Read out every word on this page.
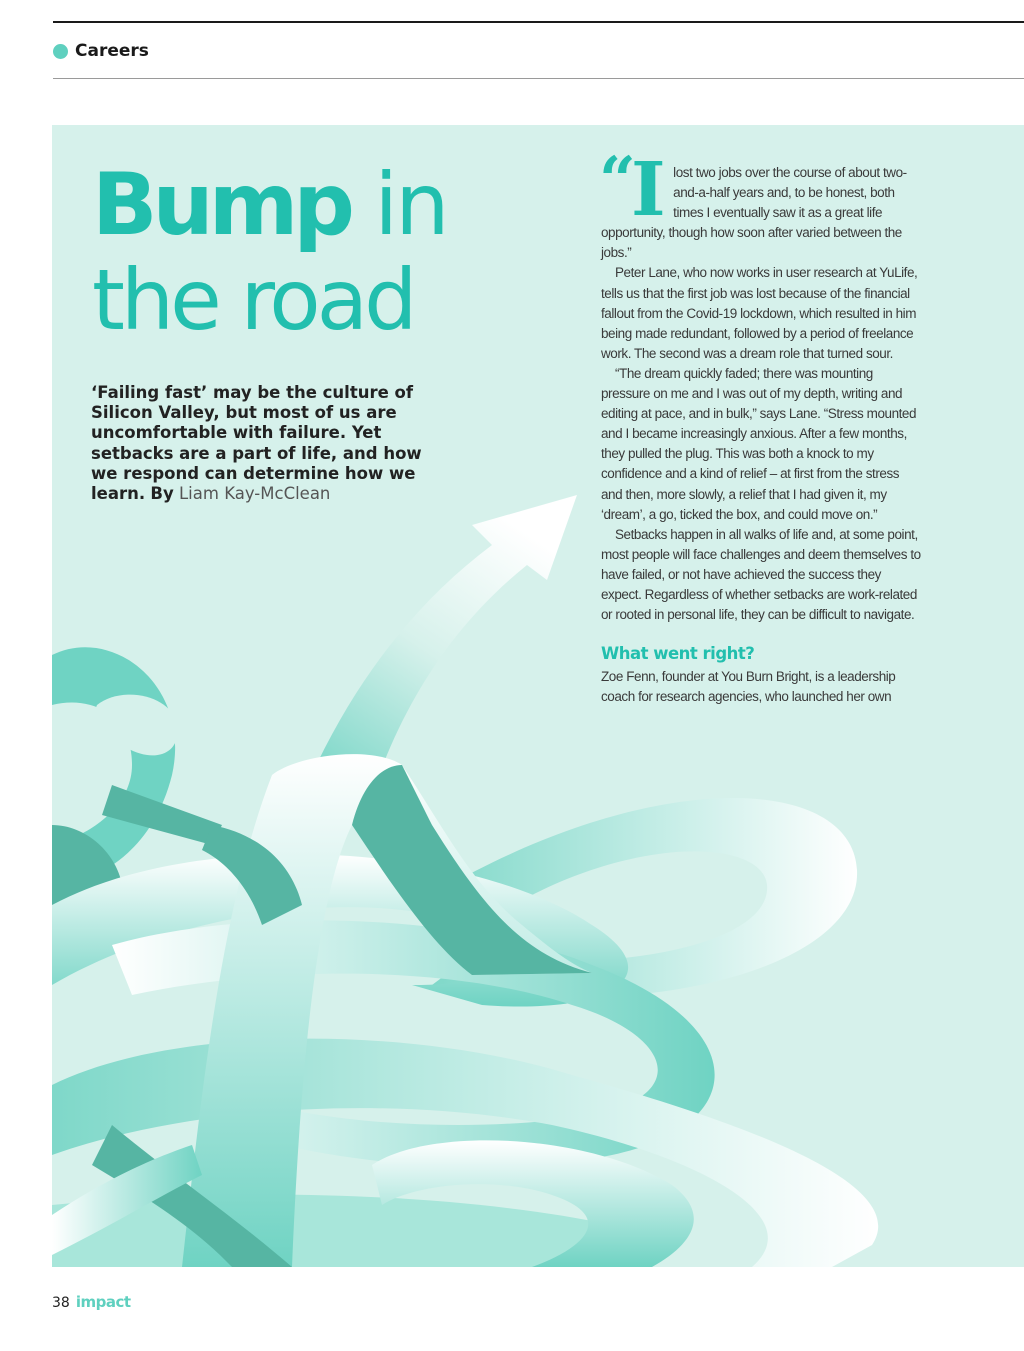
Careers
Bump in
the road
‘Failing fast’ may be the culture of Silicon Valley, but most of us are uncomfortable with failure. Yet setbacks are a part of life, and how we respond can determine how we learn. By Liam Kay-McClean
“

Ilost two jobs over the course of about two-and-a-half years and, to be honest, both times I eventually saw it as a great life opportunity, though how soon after varied between the jobs.”

Peter Lane, who now works in user research at YuLife, tells us that the first job was lost because of the financial fallout from the Covid-19 lockdown, which resulted in him being made redundant, followed by a period of freelance work. The second was a dream role that turned sour.

“The dream quickly faded; there was mounting pressure on me and I was out of my depth, writing and editing at pace, and in bulk,” says Lane. “Stress mounted and I became increasingly anxious. After a few months, they pulled the plug. This was both a knock to my confidence and a kind of relief – at first from the stress and then, more slowly, a relief that I had given it, my ‘dream’, a go, ticked the box, and could move on.”

Setbacks happen in all walks of life and, at some point, most people will face challenges and deem themselves to have failed, or not have achieved the success they expect. Regardless of whether setbacks are work-related or rooted in personal life, they can be difficult to navigate.

What went right?

Zoe Fenn, founder at You Burn Bright, is a leadership coach for research agencies, who launched her own

38 impact
